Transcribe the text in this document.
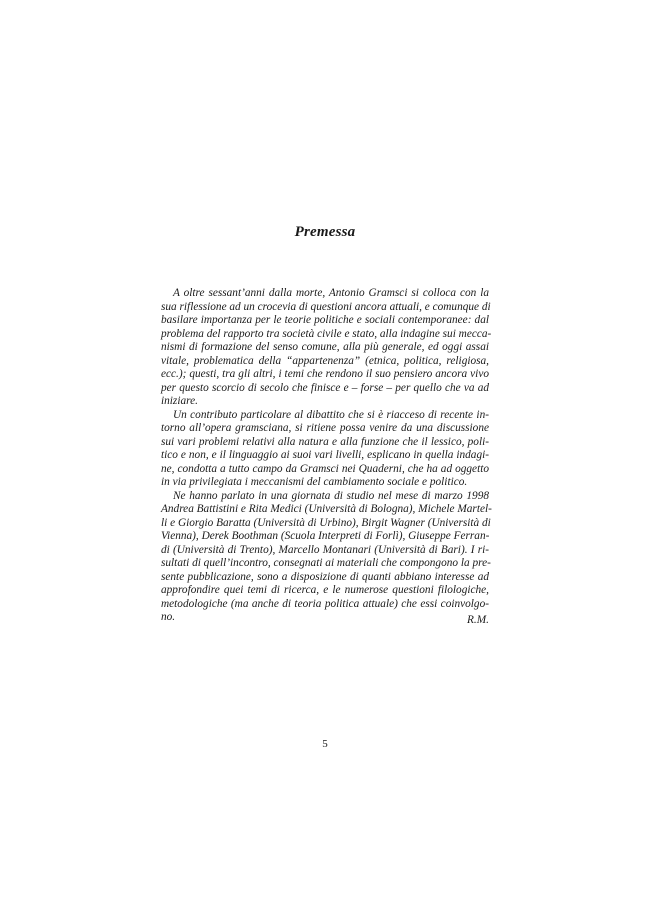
Premessa
A oltre sessant’anni dalla morte, Antonio Gramsci si colloca con la
sua riflessione ad un crocevia di questioni ancora attuali, e comunque di
basilare importanza per le teorie politiche e sociali contemporanee: dal
problema del rapporto tra società civile e stato, alla indagine sui mecca-
nismi di formazione del senso comune, alla più generale, ed oggi assai
vitale, problematica della “appartenenza” (etnica, politica, religiosa,
ecc.); questi, tra gli altri, i temi che rendono il suo pensiero ancora vivo
per questo scorcio di secolo che finisce e – forse – per quello che va ad
iniziare.
Un contributo particolare al dibattito che si è riacceso di recente in-
torno all’opera gramsciana, si ritiene possa venire da una discussione
sui vari problemi relativi alla natura e alla funzione che il lessico, poli-
tico e non, e il linguaggio ai suoi vari livelli, esplicano in quella indagi-
ne, condotta a tutto campo da Gramsci nei Quaderni, che ha ad oggetto
in via privilegiata i meccanismi del cambiamento sociale e politico.
Ne hanno parlato in una giornata di studio nel mese di marzo 1998
Andrea Battistini e Rita Medici (Università di Bologna), Michele Martel-
li e Giorgio Baratta (Università di Urbino), Birgit Wagner (Università di
Vienna), Derek Boothman (Scuola Interpreti di Forlì), Giuseppe Ferran-
di (Università di Trento), Marcello Montanari (Università di Bari). I ri-
sultati di quell’incontro, consegnati ai materiali che compongono la pre-
sente pubblicazione, sono a disposizione di quanti abbiano interesse ad
approfondire quei temi di ricerca, e le numerose questioni filologiche,
metodologiche (ma anche di teoria politica attuale) che essi coinvolgo-
no.	R.M.
5
